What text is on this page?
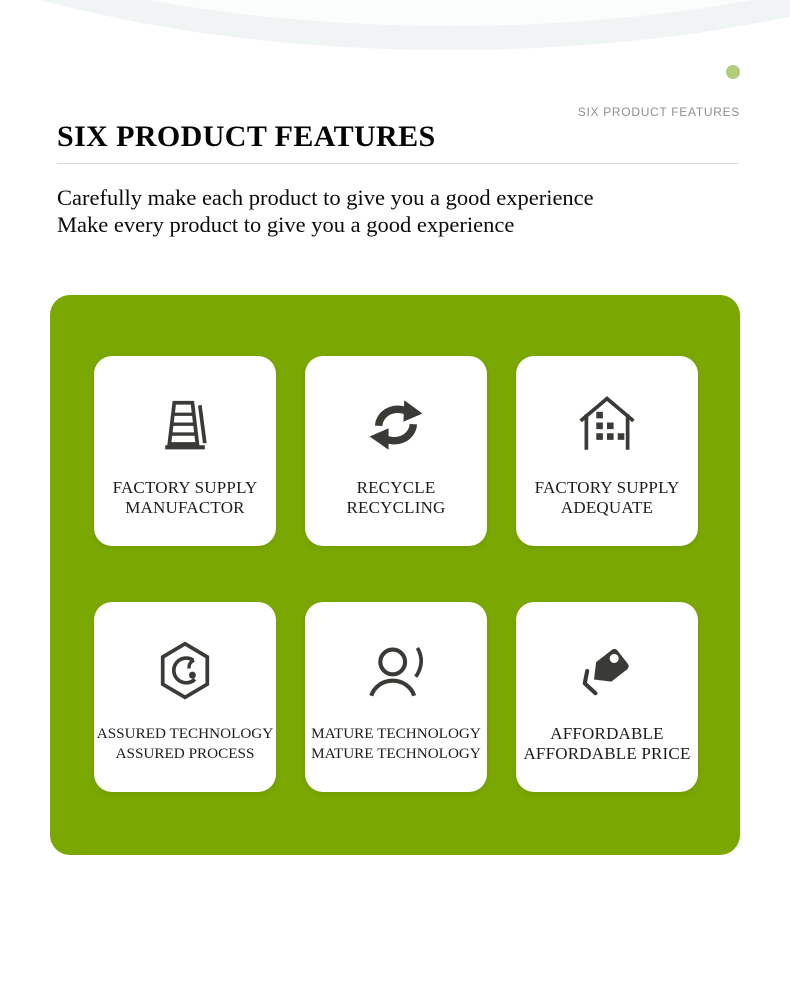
SIX PRODUCT FEATURES
SIX PRODUCT FEATURES
Carefully make each product to give you a good experience
Make every product to give you a good experience
FACTORY SUPPLY
MANUFACTOR
RECYCLE
RECYCLING
FACTORY SUPPLY
ADEQUATE
ASSURED TECHNOLOGY
ASSURED PROCESS
MATURE TECHNOLOGY
MATURE TECHNOLOGY
AFFORDABLE
AFFORDABLE PRICE
